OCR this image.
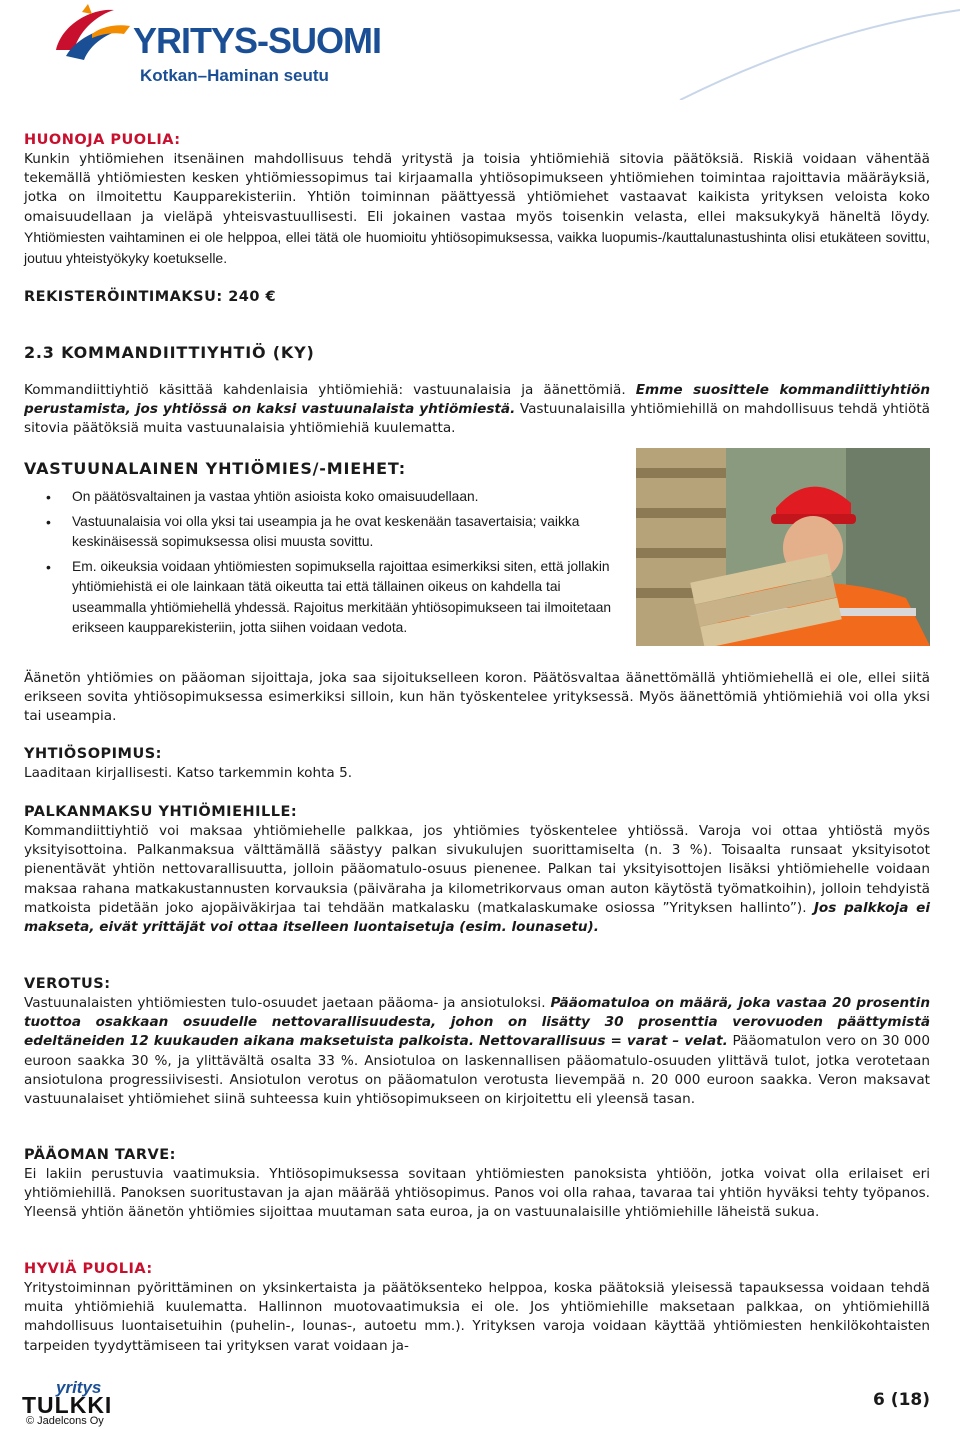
YRITYS-SUOMI
Kotkan–Haminan seutu

HUONOJA PUOLIA:

Kunkin yhtiömiehen itsenäinen mahdollisuus tehdä yritystä ja toisia yhtiömiehiä sitovia päätöksiä. Riskiä voidaan vähentää tekemällä yhtiömiesten kesken yhtiömiessopimus tai kirjaamalla yhtiösopimukseen yhtiömiehen toimintaa rajoittavia määräyksiä, jotka on ilmoitettu Kaupparekisteriin. Yhtiön toiminnan päättyessä yhtiömiehet vastaavat kaikista yrityksen veloista koko omaisuudellaan ja vieläpä yhteisvastuullisesti. Eli jokainen vastaa myös toisenkin velasta, ellei maksukykyä häneltä löydy. Yhtiömiesten vaihtaminen ei ole helppoa, ellei tätä ole huomioitu yhtiösopimuksessa, vaikka luopumis-/kauttalunastushinta olisi etukäteen sovittu, joutuu yhteistyökyky koetukselle.

REKISTERÖINTIMAKSU: 240 €

2.3 KOMMANDIITTIYHTIÖ (KY)

Kommandiittiyhtiö käsittää kahdenlaisia yhtiömiehiä: vastuunalaisia ja äänettömiä. Emme suosittele kommandiittiyhtiön perustamista, jos yhtiössä on kaksi vastuunalaista yhtiömiestä. Vastuunalaisilla yhtiömiehillä on mahdollisuus tehdä yhtiötä sitovia päätöksiä muita vastuunalaisia yhtiömiehiä kuulemattа.

VASTUUNALAINEN YHTIÖMIES/-MIEHET:

• On päätösvaltainen ja vastaa yhtiön asioista koko omaisuudellaan.
• Vastuunalaisia voi olla yksi tai useampia ja he ovat keskenään tasavertaisia; vaikka keskinäisessä sopimuksessa olisi muusta sovittu.
• Em. oikeuksia voidaan yhtiömiesten sopimuksella rajoittaa esimerkiksi siten, että jollakin yhtiömiehistä ei ole lainkaan tätä oikeutta tai että tällainen oikeus on kahdella tai useammalla yhtiömiehellä yhdessä. Rajoitus merkitään yhtiösopimukseen tai ilmoitetaan erikseen kaupparekisteriin, jotta siihen voidaan vedota.

Äänetön yhtiömies on pääoman sijoittaja, joka saa sijoitukselleen koron. Päätösvaltaa äänettömällä yhtiömiehellä ei ole, ellei siitä erikseen sovita yhtiösopimuksessa esimerkiksi silloin, kun hän työskentelee yrityksessä. Myös äänettömiä yhtiömiehiä voi olla yksi tai useampia.

YHTIÖSOPIMUS:

Laaditaan kirjallisesti. Katso tarkemmin kohta 5.

PALKANMAKSU YHTIÖMIEHILLE:

Kommandiittiyhtiö voi maksaa yhtiömiehelle palkkaa, jos yhtiömies työskentelee yhtiössä. Varoja voi ottaa yhtiöstä myös yksityisottoina. Palkanmaksua välttämällä säästyy palkan sivukulujen suorittamiselta (n. 3 %). Toisaalta runsaat yksityisotot pienentävät yhtiön nettovarallisuutta, jolloin pääomatulo-osuus pienenee. Palkan tai yksityisottojen lisäksi yhtiömiehelle voidaan maksaa rahana matkakustannusten korvauksia (päiväraha ja kilometrikorvaus oman auton käytöstä työmatkoihin), jolloin tehdyistä matkoista pidetään joko ajopäiväkirjaa tai tehdään matkalasku (matkalaskumake osiossa ”Yrityksen hallinto”). Jos palkkoja ei makseta, eivät yrittäjät voi ottaa itselleen luontaisetuja (esim. lounasetu).

VEROTUS:

Vastuunalaisten yhtiömiesten tulo-osuudet jaetaan pääoma- ja ansiotuloksi. Pääomatuloa on määrä, joka vastaa 20 prosentin tuottoa osakkaan osuudelle nettovarallisuudesta, johon on lisätty 30 prosenttia verovuoden päättymistä edeltäneiden 12 kuukauden aikana maksetuista palkoista. Nettovarallisuus = varat – velat. Pääomatulon vero on 30 000 euroon saakka 30 %, ja ylittävältä osalta 33 %. Ansiotuloa on laskennallisen pääomatulo-osuuden ylittävä tulot, jotka verotetaan ansiotulona progressiivisesti. Ansiotulon verotus on pääomatulon verotusta lievempää n. 20 000 euroon saakka. Veron maksavat vastuunalaiset yhtiömiehet siinä suhteessa kuin yhtiösopimukseen on kirjoitettu eli yleensä tasan.

PÄÄOMAN TARVE:

Ei lakiin perustuvia vaatimuksia. Yhtiösopimuksessa sovitaan yhtiömiesten panoksista yhtiöön, jotka voivat olla erilaiset eri yhtiömiehillä. Panoksen suoritustavan ja ajan määrää yhtiösopimus. Panos voi olla rahaa, tavaraa tai yhtiön hyväksi tehty työpanos. Yleensä yhtiön äänetön yhtiömies sijoittaa muutaman sata euroa, ja on vastuunalaisille yhtiömiehille läheistä sukua.

HYVIÄ PUOLIA:

Yritystoiminnan pyörittäminen on yksinkertaista ja päätöksenteko helppoa, koska päätoksiä yleisessä tapauksessa voidaan tehdä muita yhtiömiehiä kuulematta. Hallinnon muotovaatimuksia ei ole. Jos yhtiömiehille maksetaan palkkaa, on yhtiömiehillä mahdollisuus luontaisetuihin (puhelin-, lounas-, autoetu mm.). Yrityksen varoja voidaan käyttää yhtiömiesten henkilökohtaisten tarpeiden tyydyttämiseen tai yrityksen varat voidaan ja-

yritys
TULKKI
© Jadelcons Oy
6 (18)
